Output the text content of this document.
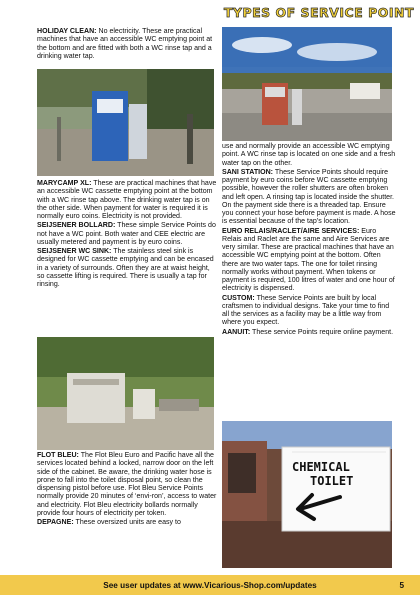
TYPES OF SERVICE POINT

HOLIDAY CLEAN: No electricity. These are practical machines that have an accessible WC emptying point at the bottom and are fitted with both a WC rinse tap and a drinking water tap.

MARYCAMP XL: These are practical machines that have an accessible WC cassette emptying point at the bottom with a WC rinse tap above. The drinking water tap is on the other side. When payment for water is required it is normally euro coins. Electricity is not provided.

SEIJSENER BOLLARD: These simple Service Points do not have a WC point. Both water and CEE electric are usually metered and payment is by euro coins.

SEIJSENER WC SINK: The stainless steel sink is designed for WC cassette emptying and can be encased in a variety of surrounds. Often they are at waist height, so cassette lifting is required. There is usually a tap for rinsing.

FLOT BLEU: The Flot Bleu Euro and Pacific have all the services located behind a locked, narrow door on the left side of the cabinet. Be aware, the drinking water hose is prone to fall into the toilet disposal point, so clean the dispensing pistol before use. Flot Bleu Service Points normally provide 20 minutes of ‘envi-ron’, access to water and electricity. Flot Bleu electricity bollards normally provide four hours of electricity per token.

DEPAGNE: These oversized units are easy to

use and normally provide an accessible WC emptying point. A WC rinse tap is located on one side and a fresh water tap on the other.

SANI STATION: These Service Points should require payment by euro coins before WC cassette emptying possible, however the roller shutters are often broken and left open. A rinsing tap is located inside the shutter. On the payment side there is a threaded tap. Ensure you connect your hose before payment is made. A hose is essential because of the tap’s location.

EURO RELAIS/RACLET/AIRE SERVICES: Euro Relais and Raclet are the same and Aire Services are very similar. These are practical machines that have an accessible WC emptying point at the bottom. Often there are two water taps. The one for toilet rinsing normally works without payment. When tokens or payment is required, 100 litres of water and one hour of electricity is dispensed.

CUSTOM: These Service Points are built by local craftsmen to individual designs. Take your time to find all the services as a facility may be a little way from where you expect.

AANUIT: These service Points require online payment.

CHEMICAL
TOILET
See user updates at www.Vicarious-Shop.com/updates	5
